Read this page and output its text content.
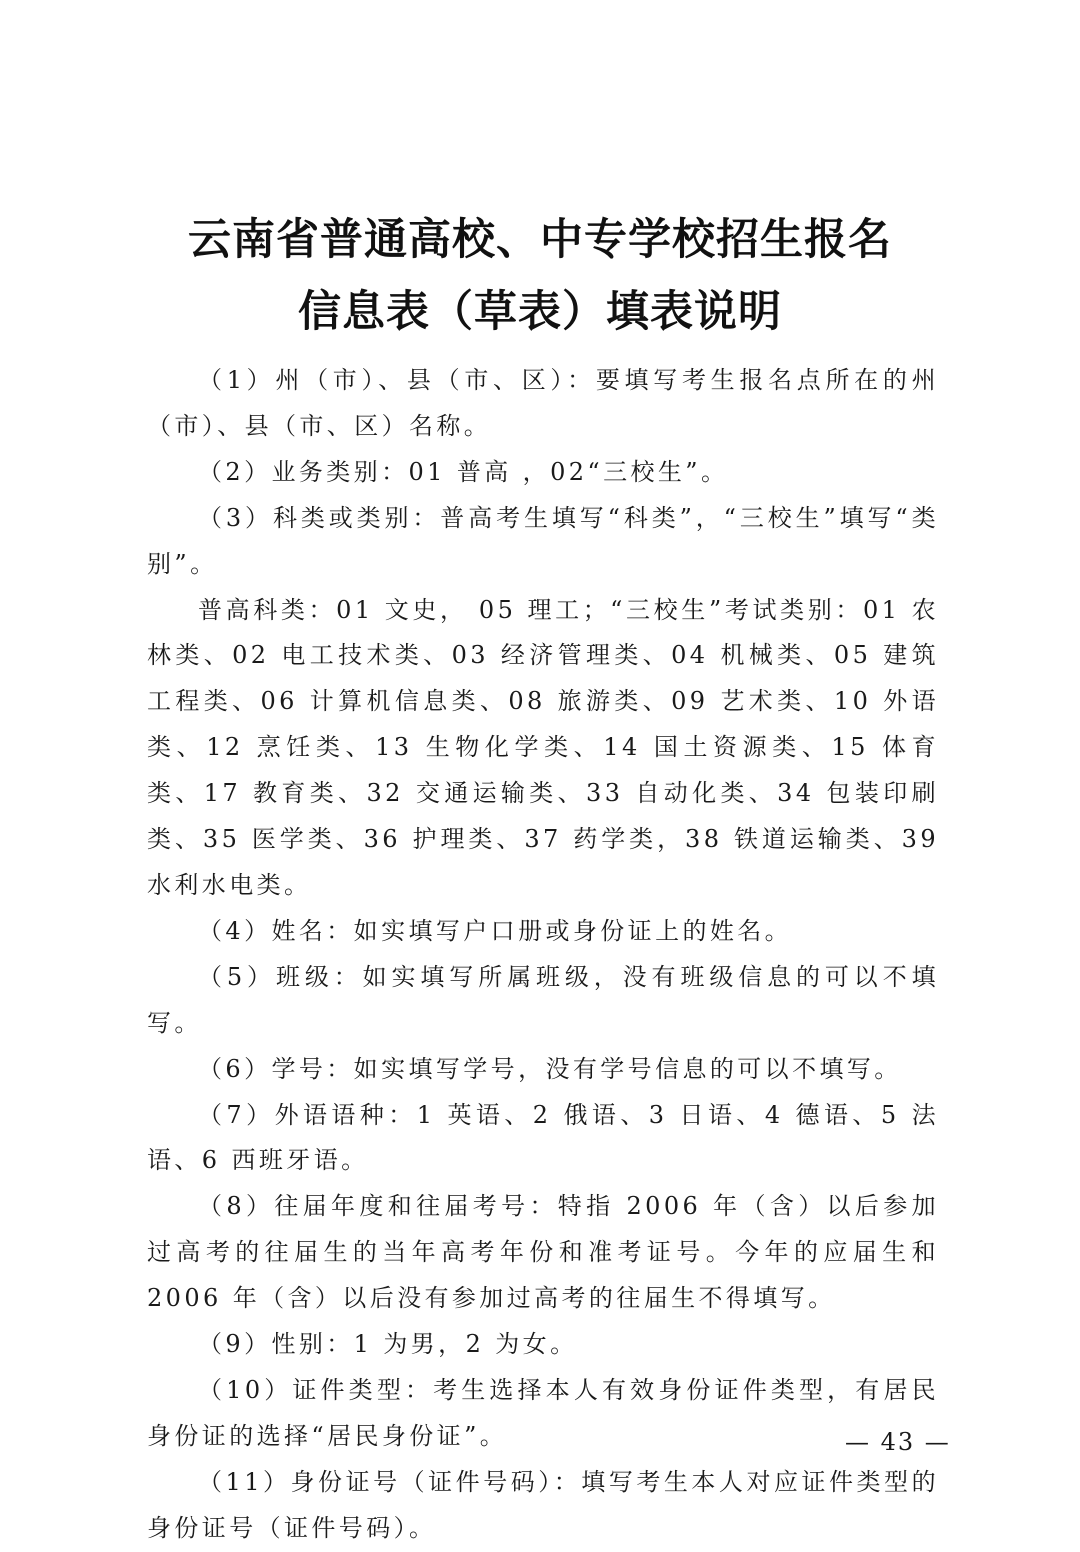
云南省普通高校、中专学校招生报名
信息表（草表）填表说明

（1）州（市）、县（市、区）：要填写考生报名点所在的州（市）、县（市、区）名称。

（2）业务类别：01 普高 ，02“三校生”。

（3）科类或类别：普高考生填写“科类”，“三校生”填写“类别”。

普高科类：01 文史， 05 理工；“三校生”考试类别：01 农林类、02 电工技术类、03 经济管理类、04 机械类、05 建筑工程类、06 计算机信息类、08 旅游类、09 艺术类、10 外语类、12 烹饪类、13 生物化学类、14 国土资源类、15 体育类、17 教育类、32 交通运输类、33 自动化类、34 包装印刷类、35 医学类、36 护理类、37 药学类，38 铁道运输类、39 水利水电类。

（4）姓名：如实填写户口册或身份证上的姓名。

（5）班级：如实填写所属班级，没有班级信息的可以不填写。

（6）学号：如实填写学号，没有学号信息的可以不填写。

（7）外语语种：1 英语、2 俄语、3 日语、4 德语、5 法语、6 西班牙语。

（8）往届年度和往届考号：特指 2006 年（含）以后参加过高考的往届生的当年高考年份和准考证号。今年的应届生和 2006 年（含）以后没有参加过高考的往届生不得填写。

（9）性别：1 为男，2 为女。

（10）证件类型：考生选择本人有效身份证件类型，有居民身份证的选择“居民身份证”。

（11）身份证号（证件号码）：填写考生本人对应证件类型的身份证号（证件号码）。

— 43 —
